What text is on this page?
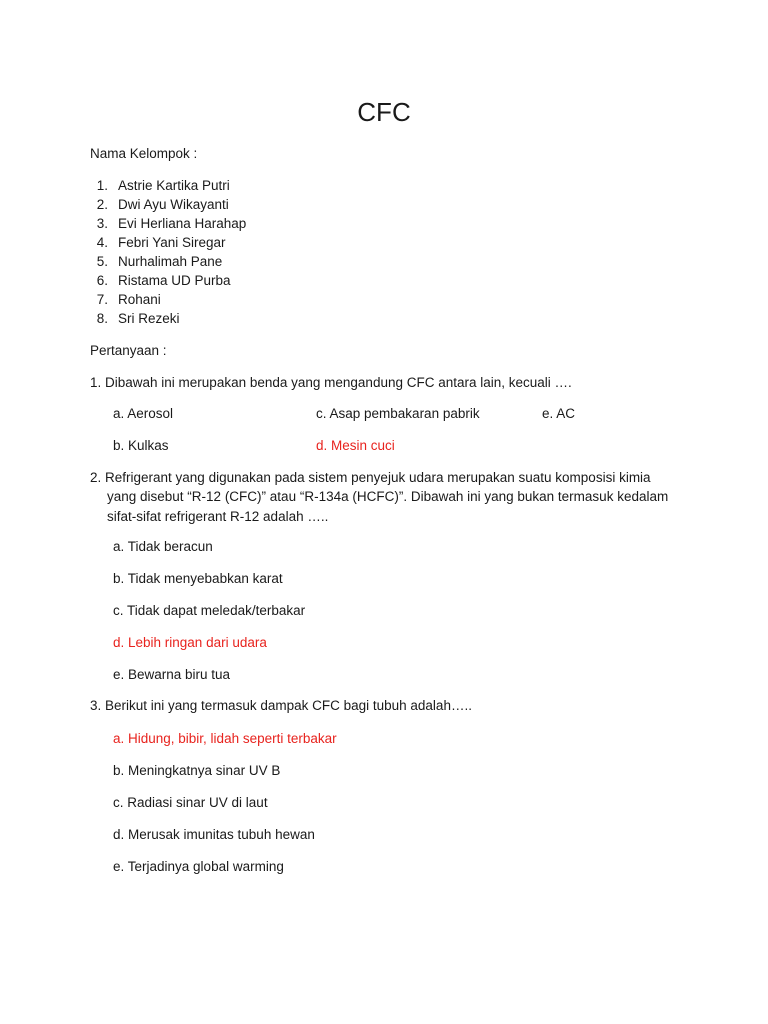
CFC
Nama Kelompok :
1. Astrie Kartika Putri
2. Dwi Ayu Wikayanti
3. Evi Herliana Harahap
4. Febri Yani Siregar
5. Nurhalimah Pane
6. Ristama UD Purba
7. Rohani
8. Sri Rezeki
Pertanyaan :
1. Dibawah ini merupakan benda yang mengandung CFC antara lain, kecuali ….
a. Aerosol	c. Asap pembakaran pabrik	e. AC
b. Kulkas	d. Mesin cuci
2. Refrigerant yang digunakan pada sistem penyejuk udara merupakan suatu komposisi kimia
yang disebut “R-12 (CFC)” atau “R-134a (HCFC)”. Dibawah ini yang bukan termasuk kedalam
sifat-sifat refrigerant R-12 adalah …..
a. Tidak beracun
b. Tidak menyebabkan karat
c. Tidak dapat meledak/terbakar
d. Lebih ringan dari udara
e. Bewarna biru tua
3. Berikut ini yang termasuk dampak CFC bagi tubuh adalah…..
a. Hidung, bibir, lidah seperti terbakar
b. Meningkatnya sinar UV B
c. Radiasi sinar UV di laut
d. Merusak imunitas tubuh hewan
e. Terjadinya global warming
